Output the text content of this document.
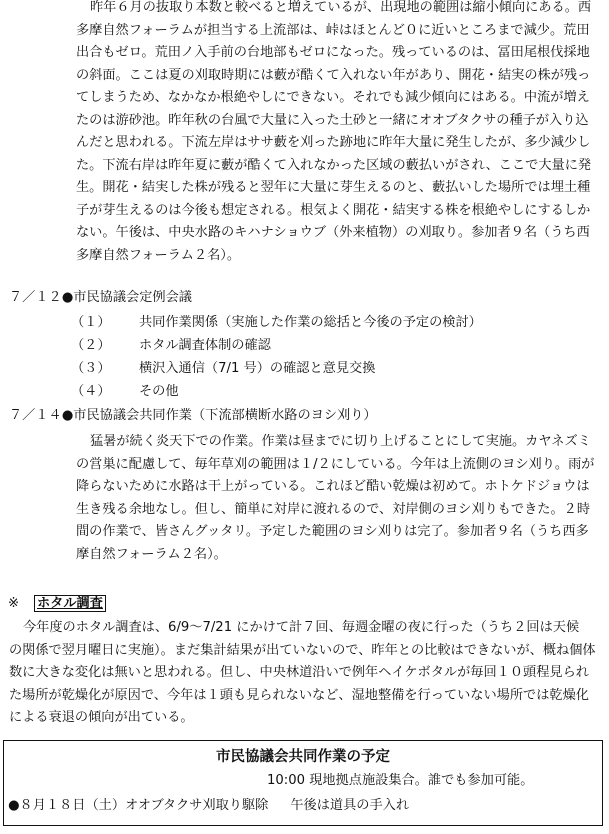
昨年６月の抜取り本数と較べると増えているが、出現地の範囲は縮小傾向にある。西
多摩自然フォーラムが担当する上流部は、峠はほとんど０に近いところまで減少。荒田
出合もゼロ。荒田ノ入手前の台地部もゼロになった。残っているのは、冨田尾根伐採地
の斜面。ここは夏の刈取時期には藪が酷くて入れない年があり、開花・結実の株が残っ
てしまうため、なかなか根絶やしにできない。それでも減少傾向にはある。中流が増え
たのは游砂池。昨年秋の台風で大量に入った土砂と一緒にオオブタクサの種子が入り込
んだと思われる。下流左岸はササ藪を刈った跡地に昨年大量に発生したが、多少減少し
た。下流右岸は昨年夏に藪が酷くて入れなかった区域の藪払いがされ、ここで大量に発
生。開花・結実した株が残ると翌年に大量に芽生えるのと、藪払いした場所では埋土種
子が芽生えるのは今後も想定される。根気よく開花・結実する株を根絶やしにするしか
ない。午後は、中央水路のキハナショウブ（外来植物）の刈取り。参加者９名（うち西
多摩自然フォーラム２名）。
７／１２●市民協議会定例会議
（１） 共同作業関係（実施した作業の総括と今後の予定の検討）
（２） ホタル調査体制の確認
（３） 横沢入通信（7/1 号）の確認と意見交換
（４） その他
７／１４●市民協議会共同作業（下流部横断水路のヨシ刈り）
猛暑が続く炎天下での作業。作業は昼までに切り上げることにして実施。カヤネズミ
の営巣に配慮して、毎年草刈の範囲は１/２にしている。今年は上流側のヨシ刈り。雨が
降らないために水路は干上がっている。これほど酷い乾燥は初めて。ホトケドジョウは
生き残る余地なし。但し、簡単に対岸に渡れるので、対岸側のヨシ刈りもできた。２時
間の作業で、皆さんグッタリ。予定した範囲のヨシ刈りは完了。参加者９名（うち西多
摩自然フォーラム２名）。
※ ホタル調査
今年度のホタル調査は、6/9〜7/21 にかけて計７回、毎週金曜の夜に行った（うち２回は天候
の関係で翌月曜日に実施）。まだ集計結果が出ていないので、昨年との比較はできないが、概ね個体
数に大きな変化は無いと思われる。但し、中央林道沿いで例年ヘイケボタルが毎回１０頭程見られ
た場所が乾燥化が原因で、今年は１頭も見られないなど、湿地整備を行っていない場所では乾燥化
による衰退の傾向が出ている。
市民協議会共同作業の予定
10:00 現地拠点施設集合。誰でも参加可能。
●８月１８日（土）オオブタクサ刈取り駆除 午後は道具の手入れ
